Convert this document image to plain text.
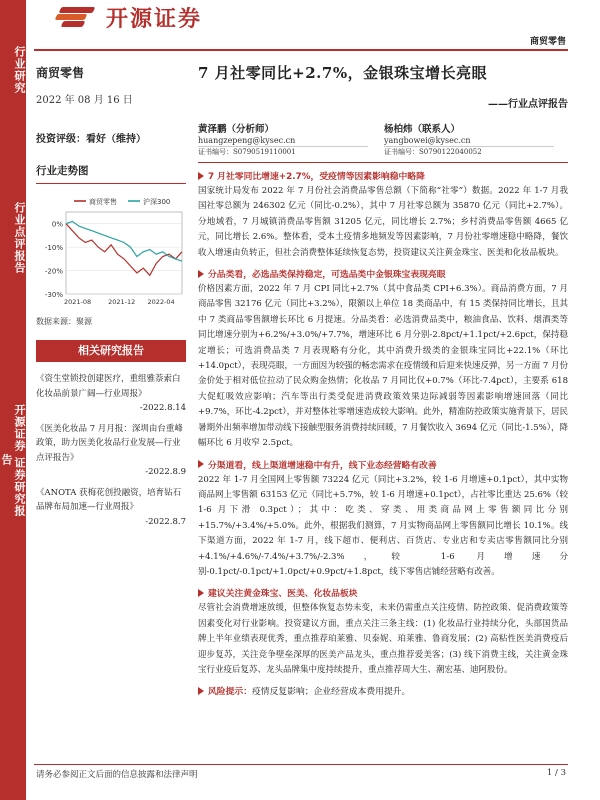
行业研究
行业点评报告
开源证券 证券研究报告
开源证券
商贸零售
商贸零售
2022 年 08 月 16 日
投资评级：看好（维持）
行业走势图
0%
-10%
-20%
-30%
2021-08	2021-12 2022-04
商贸零售	沪深300
数据来源：聚源
相关研究报告
《资生堂锁投创建医疗，重组雅萘索白化妆品前景广阔—行业周报》
-2022.8.14
《医美化妆品 7 月月报：深圳由台重峰政策，助力医美化妆品行业发展—行业点评报告》
-2022.8.9
《ANOTA 获梅花创投融资，培育钻石品牌布局加速—行业周报》
-2022.8.7
7 月社零同比+2.7%，金银珠宝增长亮眼
——行业点评报告
黄泽鹏（分析师）
huangzepeng@kysec.cn
证书编号：S0790519110001
杨柏炜（联系人）
yangbowei@kysec.cn
证书编号：S0790122040052
7 月社零同比增速+2.7%，受疫情等因素影响稳中略降
国家统计局发布 2022 年 7 月份社会消费品零售总额（下简称“社零”）数据。2022 年 1-7 月我国社零总额为 246302 亿元（同比-0.2%），其中 7 月社零总额为 35870 亿元（同比+2.7%）。分地域看，7 月城镇消费品零售额 31205 亿元，同比增长 2.7%；乡村消费品零售额 4665 亿元，同比增长 2.6%。整体看，受本土疫情多地频发等因素影响，7 月份社零增速稳中略降，餐饮收入增速由负转正，但社会消费整体延续恢复态势，投资建议关注黄金珠宝、医美和化妆品板块。
分品类看，必选品类保持稳定，可选品类中金银珠宝表现亮眼
价格因素方面，2022 年 7 月 CPI 同比+2.7%（其中食品类 CPI+6.3%）。商品消费方面，7 月商品零售 32176 亿元（同比+3.2%），限额以上单位 18 类商品中，有 15 类保持同比增长，且其中 7 类商品零售额增长环比 6 月提速。分品类看：必选消费品类中，粮油食品、饮料、烟酒类等同比增速分别为+6.2%/+3.0%/+7.7%，增速环比 6 月分别-2.8pct/+1.1pct/+2.6pct，保持稳定增长；可选消费品类 7 月表现略有分化，其中消费升级类的金银珠宝同比+22.1%（环比+14.0pct），表现亮眼，一方面因为较强的畅恋需求在疫情缓和后迎来快速反弹，另一方面 7 月份金价处于相对低位拉动了民众购金热情；化妆品 7 月同比仅+0.7%（环比-7.4pct），主要系 618 大促虹吸效应影响；汽车等出行类受促进消费政策效果边际减弱等因素影响增速回落（同比+9.7%，环比-4.2pct），并对整体社零增速造成较大影响。此外，精准防控政策实施背景下，居民暑期外出频率增加带动线下接触型服务消费持续回暖，7 月餐饮收入 3694 亿元（同比-1.5%），降幅环比 6 月收窄 2.5pct。
分渠道看，线上渠道增速稳中有升，线下业态经营略有改善
2022 年 1-7 月全国网上零售额 73224 亿元（同比+3.2%，较 1-6 月增速+0.1pct），其中实物商品网上零售额 63153 亿元（同比+5.7%，较 1-6 月增速+0.1pct），占社零比重达 25.6%（较 1-6 月下滑 0.3pct）；其中：吃类、穿类、用类商品网上零售额同比分别+15.7%/+3.4%/+5.0%。此外，根据我们测算，7 月实物商品网上零售额同比增长 10.1%。线下渠道方面，2022 年 1-7 月，线下超市、便利店、百货店、专业店和专卖店零售额同比分别+4.1%/+4.6%/-7.4%/+3.7%/-2.3%，较 1-6 月增速分别-0.1pct/-0.1pct/+1.0pct/+0.9pct/+1.8pct，线下零售店铺经营略有改善。
建议关注黄金珠宝、医美、化妆品板块
尽管社会消费增速放缓，但整体恢复态势未变，未来仍需重点关注疫情、防控政策、促消费政策等因素变化对行业影响。投资建议方面，重点关注三条主线：(1) 化妆品行业持续分化，头部国货品牌上半年业绩表现优秀，重点推荐珀莱雅、贝泰妮、珀莱雅、鲁商发展；(2) 高粘性医美消费疫后迎步复苏，关注竞争壁垒深厚的医美产品龙头，重点推荐爱美客；(3) 线下消费主线，关注黄金珠宝行业疫后复苏、龙头品牌集中度持续提升，重点推荐周大生、潮宏基、迪阿股份。
风险提示： 疫情反复影响；企业经营成本费用提升。
请务必参阅正文后面的信息披露和法律声明	1 / 3
